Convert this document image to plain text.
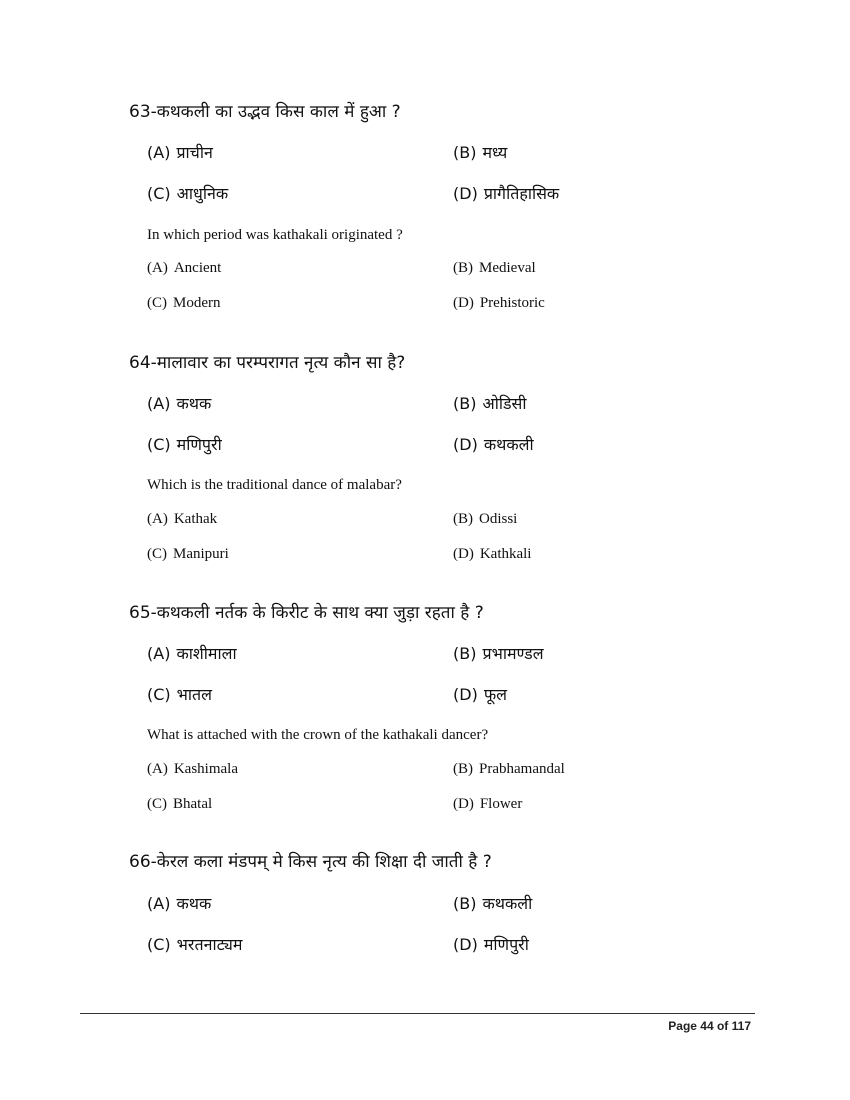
63-कथकली का उद्भव किस काल में हुआ ?
(A) प्राचीन	(B) मध्य
(C) आधुनिक	(D) प्रागैतिहासिक
In which period was kathakali originated ?
(A) Ancient	(B) Medieval
(C) Modern	(D) Prehistoric
64-मालावार का परम्परागत नृत्य कौन सा है?
(A) कथक	(B) ओडिसी
(C) मणिपुरी	(D) कथकली
Which is the traditional dance of malabar?
(A) Kathak	(B) Odissi
(C) Manipuri	(D) Kathkali
65-कथकली नर्तक के किरीट के साथ क्या जुड़ा रहता है ?
(A) काशीमाला	(B) प्रभामण्डल
(C) भातल	(D) फूल
What is attached with the crown of the kathakali dancer?
(A) Kashimala	(B) Prabhamandal
(C) Bhatal	(D) Flower
66-केरल कला मंडपम् मे किस नृत्य की शिक्षा दी जाती है ?
(A) कथक	(B) कथकली
(C) भरतनाट्यम	(D) मणिपुरी
Page 44 of 117
